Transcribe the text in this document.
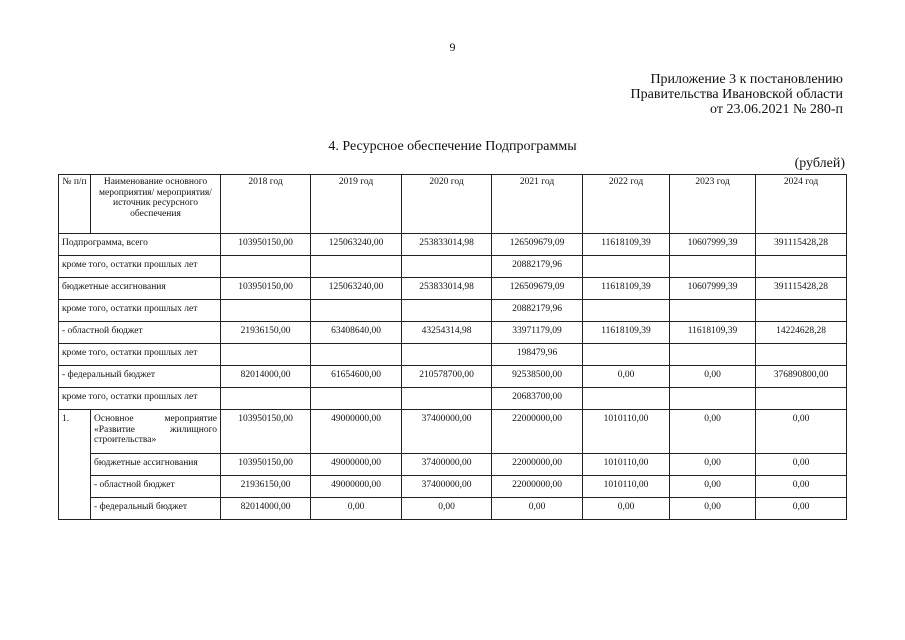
9
Приложение 3 к постановлению
Правительства Ивановской области
от 23.06.2021 № 280-п
4. Ресурсное обеспечение Подпрограммы
(рублей)
№ п/п	Наименование основного мероприятия/ мероприятия/источник ресурсного обеспечения	2018 год	2019 год	2020 год	2021 год	2022 год	2023 год	2024 год
Подпрограмма, всего		103950150,00	125063240,00	253833014,98	126509679,09	11618109,39	10607999,39	391115428,28
кроме того, остатки прошлых лет					20882179,96			
бюджетные ассигнования		103950150,00	125063240,00	253833014,98	126509679,09	11618109,39	10607999,39	391115428,28
кроме того, остатки прошлых лет					20882179,96			
- областной бюджет		21936150,00	63408640,00	43254314,98	33971179,09	11618109,39	11618109,39	14224628,28
кроме того, остатки прошлых лет					198479,96			
- федеральный бюджет		82014000,00	61654600,00	210578700,00	92538500,00	0,00	0,00	376890800,00
кроме того, остатки прошлых лет					20683700,00			
1.	Основное мероприятие «Развитие жилищного строительства»	103950150,00	49000000,00	37400000,00	22000000,00	1010110,00	0,00	0,00
	бюджетные ассигнования	103950150,00	49000000,00	37400000,00	22000000,00	1010110,00	0,00	0,00
	- областной бюджет	21936150,00	49000000,00	37400000,00	22000000,00	1010110,00	0,00	0,00
	- федеральный бюджет	82014000,00	0,00	0,00	0,00	0,00	0,00	0,00
